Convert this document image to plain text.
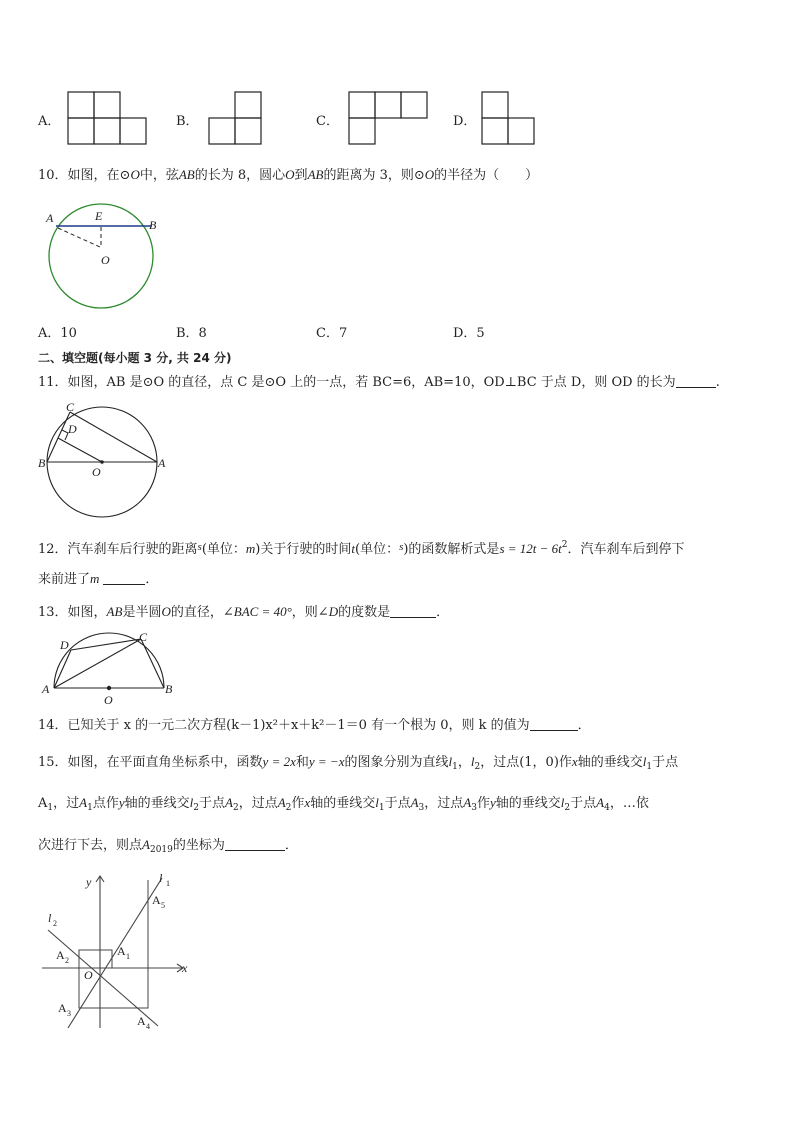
A．	B．	C．	D．
10．如图，在⊙O中，弦AB的长为 8，圆心O到AB的距离为 3，则⊙O的半径为（　　）
A	E
B
O
A．10	B．8	C．7	D．5
二、填空题(每小题 3 分, 共 24 分)
11．如图，AB 是⊙O 的直径，点 C 是⊙O 上的一点，若 BC=6，AB=10，OD⊥BC 于点 D，则 OD 的长为	.
C
D
B
O
A
12．汽车刹车后行驶的距离$^s$(单位：m)关于行驶的时间t(单位：$^s$)的函数解析式是$s = 12t - 6t^2$．汽车刹车后到停下
来前进了m	．
13．如图，AB是半圆O的直径，∠BAC = 40°，则∠D的度数是	．
D
C
A
O
B
14．已知关于 x 的一元二次方程(k－1)x²＋x＋k²－1＝0 有一个根为 0，则 k 的值为	．
15．如图，在平面直角坐标系中，函数y = 2x和y = −x的图象分别为直线$l_1$，$l_2$，过点(1，0)作x轴的垂线交$l_1$于点
$A_1$，过$A_1$点作y轴的垂线交$l_2$于点$A_2$，过点$A_2$作x轴的垂线交$l_1$于点$A_3$，过点$A_3$作y轴的垂线交$l_2$于点$A_4$，…依
次进行下去，则点$A_{2019}$的坐标为	．
y	l 1
A 5
l 2
A 2
A 1
O	x
A 3
A 4
